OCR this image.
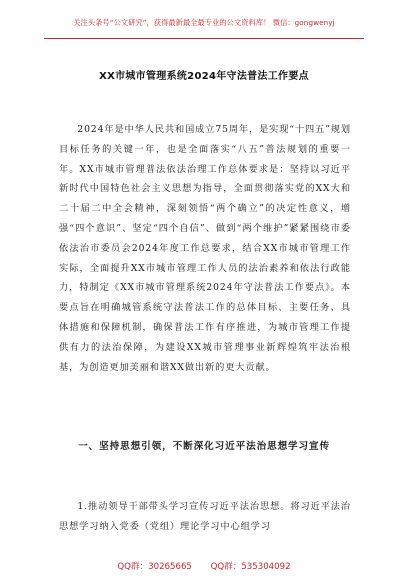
关注头条号“公文研究”，获得最新最全最专业的公文资料库！ 微信：gongwenyj
XX市城市管理系统2024年守法普法工作要点

2024年是中华人民共和国成立75周年，是实现“十四五”规划目标任务的关键一年，也是全面落实“八五”普法规划的重要一年。XX市城市管理普法依法治理工作总体要求是：坚持以习近平新时代中国特色社会主义思想为指导，全面贯彻落实党的XX大和二十届二中全会精神，深刻领悟“两个确立”的决定性意义，增强“四个意识”、坚定“四个自信”、做到“两个维护”紧紧围绕市委依法治市委员会2024年度工作总要求，结合XX市城市管理工作实际，全面提升XX市城市管理工作人员的法治素养和依法行政能力，特制定《XX市城市管理系统2024年守法普法工作要点》。本要点旨在明确城管系统守法普法工作的总体目标、主要任务、具体措施和保障机制，确保普法工作有序推进，为城市管理工作提供有力的法治保障，为建设XX城市管理事业新辉煌筑牢法治根基，为创造更加美丽和谐XX做出新的更大贡献。

一、坚持思想引领，不断深化习近平法治思想学习宣传

1.推动领导干部带头学习宣传习近平法治思想。将习近平法治思想学习纳入党委（党组）理论学习中心组学习

QQ群：30265665 QQ群：535304092
